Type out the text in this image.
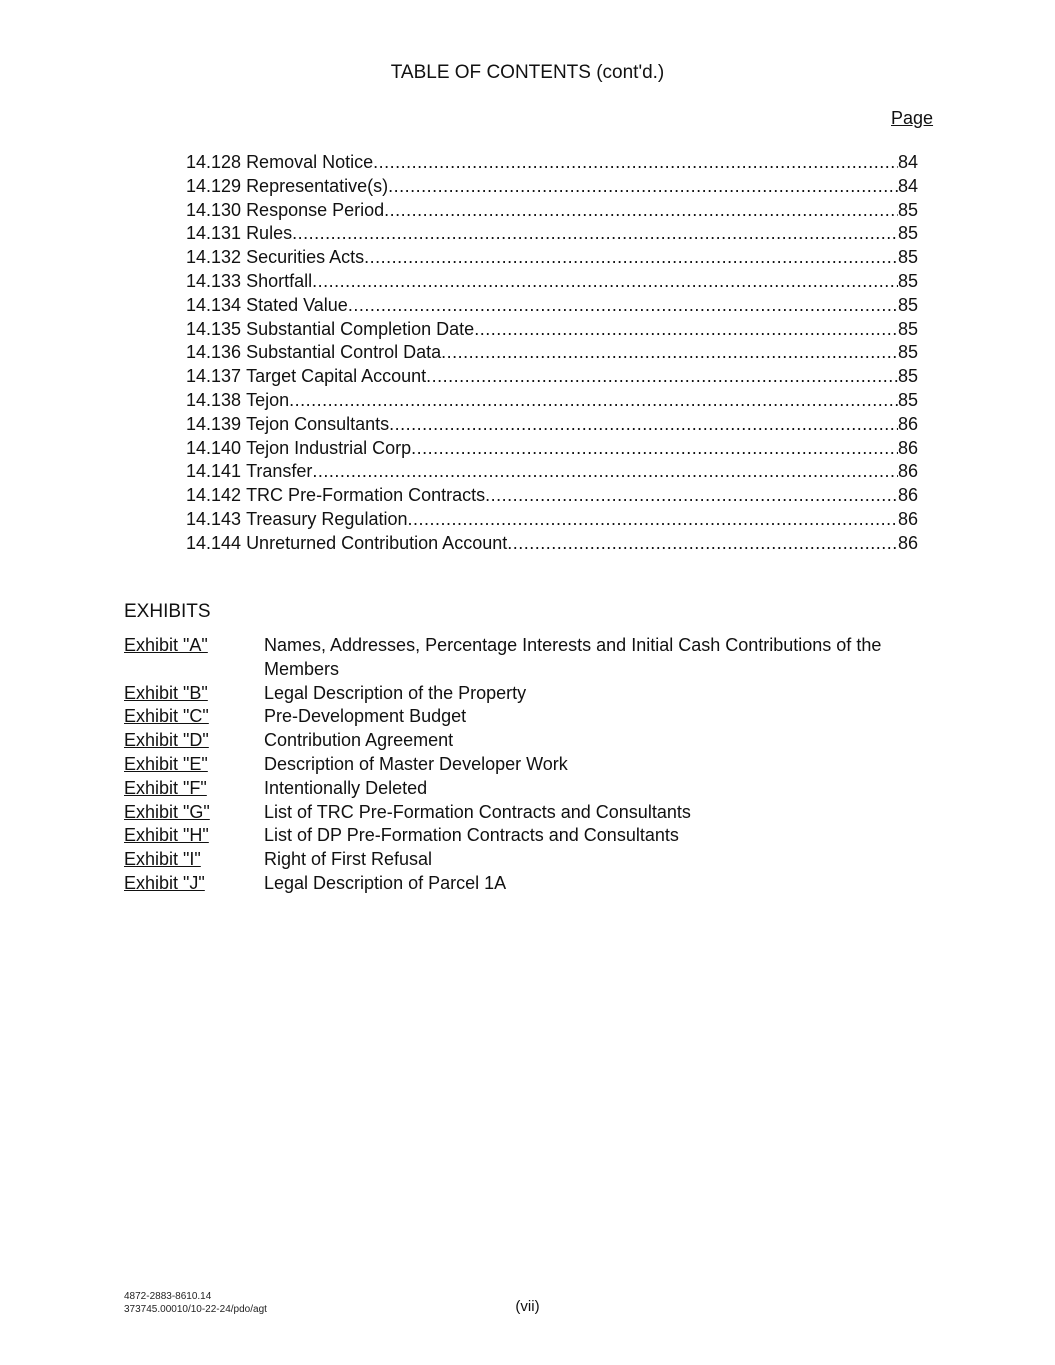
TABLE OF CONTENTS (cont'd.)
Page
14.128 Removal Notice .....	84
14.129 Representative(s) .....	84
14.130 Response Period .....	85
14.131 Rules .....	85
14.132 Securities Acts .....	85
14.133 Shortfall .....	85
14.134 Stated Value .....	85
14.135 Substantial Completion Date .....	85
14.136 Substantial Control Data .....	85
14.137 Target Capital Account .....	85
14.138 Tejon .....	85
14.139 Tejon Consultants .....	86
14.140 Tejon Industrial Corp .....	86
14.141 Transfer .....	86
14.142 TRC Pre-Formation Contracts .....	86
14.143 Treasury Regulation .....	86
14.144 Unreturned Contribution Account .....	86
EXHIBITS
Exhibit "A"	Names, Addresses, Percentage Interests and Initial Cash Contributions of the Members
Exhibit "B"	Legal Description of the Property
Exhibit "C"	Pre-Development Budget
Exhibit "D"	Contribution Agreement
Exhibit "E"	Description of Master Developer Work
Exhibit "F"	Intentionally Deleted
Exhibit "G"	List of TRC Pre-Formation Contracts and Consultants
Exhibit "H"	List of DP Pre-Formation Contracts and Consultants
Exhibit "I"	Right of First Refusal
Exhibit "J"	Legal Description of Parcel 1A
4872-2883-8610.14
373745.00010/10-22-24/pdo/agt	(vii)
